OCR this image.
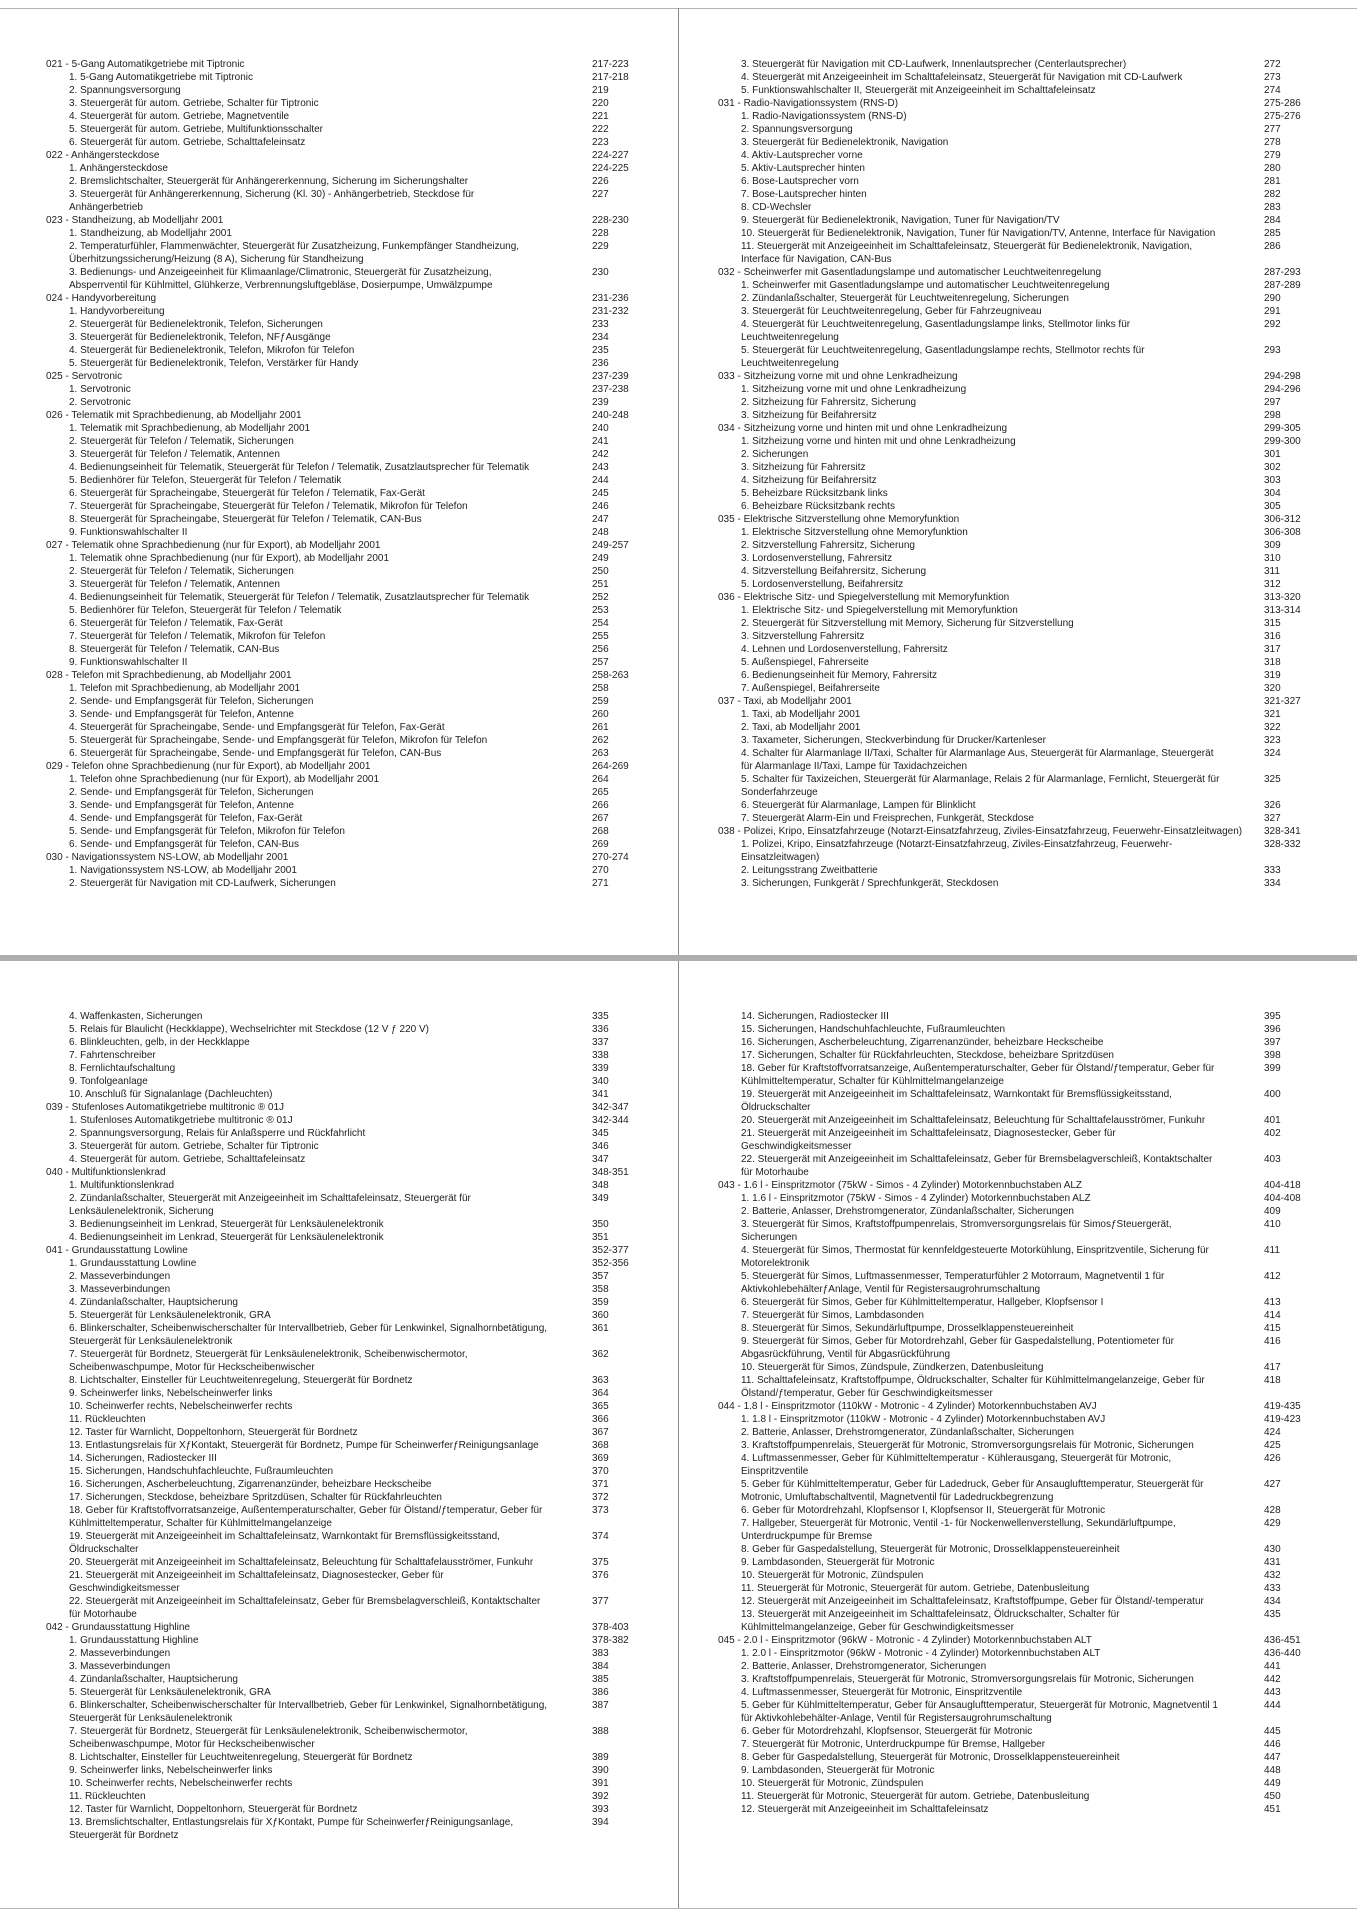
021 - 5-Gang Automatikgetriebe mit Tiptronic	217-223
1. 5-Gang Automatikgetriebe mit Tiptronic	217-218
2. Spannungsversorgung	219
3. Steuergerät für autom. Getriebe, Schalter für Tiptronic	220
4. Steuergerät für autom. Getriebe, Magnetventile	221
5. Steuergerät für autom. Getriebe, Multifunktionsschalter	222
6. Steuergerät für autom. Getriebe, Schalttafeleinsatz	223
022 - Anhängersteckdose	224-227
1. Anhängersteckdose	224-225
2. Bremslichtschalter, Steuergerät für Anhängererkennung, Sicherung im Sicherungshalter	226
3. Steuergerät für Anhängererkennung, Sicherung (Kl. 30) - Anhängerbetrieb, Steckdose für Anhängerbetrieb
227
023 - Standheizung, ab Modelljahr 2001	228-230
1. Standheizung, ab Modelljahr 2001	228
2. Temperaturfühler, Flammenwächter, Steuergerät für Zusatzheizung, Funkempfänger Standheizung, Überhitzungssicherung/Heizung (8 A), Sicherung für Standheizung
229
3. Bedienungs- und Anzeigeeinheit für Klimaanlage/Climatronic, Steuergerät für Zusatzheizung, Absperrventil für Kühlmittel, Glühkerze, Verbrennungsluftgebläse, Dosierpumpe, Umwälzpumpe
230
024 - Handyvorbereitung	231-236
1. Handyvorbereitung	231-232
2. Steuergerät für Bedienelektronik, Telefon, Sicherungen	233
3. Steuergerät für Bedienelektronik, Telefon, NFƒAusgänge	234
4. Steuergerät für Bedienelektronik, Telefon, Mikrofon für Telefon	235
5. Steuergerät für Bedienelektronik, Telefon, Verstärker für Handy	236
025 - Servotronic	237-239
1. Servotronic	237-238
2. Servotronic	239
026 - Telematik mit Sprachbedienung, ab Modelljahr 2001	240-248
1. Telematik mit Sprachbedienung, ab Modelljahr 2001	240
2. Steuergerät für Telefon / Telematik, Sicherungen	241
3. Steuergerät für Telefon / Telematik, Antennen	242
4. Bedienungseinheit für Telematik, Steuergerät für Telefon / Telematik, Zusatzlautsprecher für Telematik	243
5. Bedienhörer für Telefon, Steuergerät für Telefon / Telematik	244
6. Steuergerät für Spracheingabe, Steuergerät für Telefon / Telematik, Fax-Gerät	245
7. Steuergerät für Spracheingabe, Steuergerät für Telefon / Telematik, Mikrofon für Telefon	246
8. Steuergerät für Spracheingabe, Steuergerät für Telefon / Telematik, CAN-Bus	247
9. Funktionswahlschalter II	248
027 - Telematik ohne Sprachbedienung (nur für Export), ab Modelljahr 2001	249-257
1. Telematik ohne Sprachbedienung (nur für Export), ab Modelljahr 2001	249
2. Steuergerät für Telefon / Telematik, Sicherungen	250
3. Steuergerät für Telefon / Telematik, Antennen	251
4. Bedienungseinheit für Telematik, Steuergerät für Telefon / Telematik, Zusatzlautsprecher für Telematik	252
5. Bedienhörer für Telefon, Steuergerät für Telefon / Telematik	253
6. Steuergerät für Telefon / Telematik, Fax-Gerät	254
7. Steuergerät für Telefon / Telematik, Mikrofon für Telefon	255
8. Steuergerät für Telefon / Telematik, CAN-Bus	256
9. Funktionswahlschalter II	257
028 - Telefon mit Sprachbedienung, ab Modelljahr 2001	258-263
1. Telefon mit Sprachbedienung, ab Modelljahr 2001	258
2. Sende- und Empfangsgerät für Telefon, Sicherungen	259
3. Sende- und Empfangsgerät für Telefon, Antenne	260
4. Steuergerät für Spracheingabe, Sende- und Empfangsgerät für Telefon, Fax-Gerät	261
5. Steuergerät für Spracheingabe, Sende- und Empfangsgerät für Telefon, Mikrofon für Telefon	262
6. Steuergerät für Spracheingabe, Sende- und Empfangsgerät für Telefon, CAN-Bus	263
029 - Telefon ohne Sprachbedienung (nur für Export), ab Modelljahr 2001	264-269
1. Telefon ohne Sprachbedienung (nur für Export), ab Modelljahr 2001	264
2. Sende- und Empfangsgerät für Telefon, Sicherungen	265
3. Sende- und Empfangsgerät für Telefon, Antenne	266
4. Sende- und Empfangsgerät für Telefon, Fax-Gerät	267
5. Sende- und Empfangsgerät für Telefon, Mikrofon für Telefon	268
6. Sende- und Empfangsgerät für Telefon, CAN-Bus	269
030 - Navigationssystem NS-LOW, ab Modelljahr 2001	270-274
1. Navigationssystem NS-LOW, ab Modelljahr 2001	270
2. Steuergerät für Navigation mit CD-Laufwerk, Sicherungen	271
3. Steuergerät für Navigation mit CD-Laufwerk, Innenlautsprecher (Centerlautsprecher)	272
4. Steuergerät mit Anzeigeeinheit im Schalttafeleinsatz, Steuergerät für Navigation mit CD-Laufwerk	273
5. Funktionswahlschalter II, Steuergerät mit Anzeigeeinheit im Schalttafeleinsatz	274
031 - Radio-Navigationssystem (RNS-D)	275-286
1. Radio-Navigationssystem (RNS-D)	275-276
2. Spannungsversorgung	277
3. Steuergerät für Bedienelektronik, Navigation	278
4. Aktiv-Lautsprecher vorne	279
5. Aktiv-Lautsprecher hinten	280
6. Bose-Lautsprecher vorn	281
7. Bose-Lautsprecher hinten	282
8. CD-Wechsler	283
9. Steuergerät für Bedienelektronik, Navigation, Tuner für Navigation/TV	284
10. Steuergerät für Bedienelektronik, Navigation, Tuner für Navigation/TV, Antenne, Interface für Navigation	285
11. Steuergerät mit Anzeigeeinheit im Schalttafeleinsatz, Steuergerät für Bedienelektronik, Navigation, Interface für Navigation, CAN-Bus
286
032 - Scheinwerfer mit Gasentladungslampe und automatischer Leuchtweitenregelung	287-293
1. Scheinwerfer mit Gasentladungslampe und automatischer Leuchtweitenregelung	287-289
2. Zündanlaßschalter, Steuergerät für Leuchtweitenregelung, Sicherungen	290
3. Steuergerät für Leuchtweitenregelung, Geber für Fahrzeugniveau	291
4. Steuergerät für Leuchtweitenregelung, Gasentladungslampe links, Stellmotor links für Leuchtweitenregelung
292
5. Steuergerät für Leuchtweitenregelung, Gasentladungslampe rechts, Stellmotor rechts für Leuchtweitenregelung
293
033 - Sitzheizung vorne mit und ohne Lenkradheizung	294-298
1. Sitzheizung vorne mit und ohne Lenkradheizung	294-296
2. Sitzheizung für Fahrersitz, Sicherung	297
3. Sitzheizung für Beifahrersitz	298
034 - Sitzheizung vorne und hinten mit und ohne Lenkradheizung	299-305
1. Sitzheizung vorne und hinten mit und ohne Lenkradheizung	299-300
2. Sicherungen	301
3. Sitzheizung für Fahrersitz	302
4. Sitzheizung für Beifahrersitz	303
5. Beheizbare Rücksitzbank links	304
6. Beheizbare Rücksitzbank rechts	305
035 - Elektrische Sitzverstellung ohne Memoryfunktion	306-312
1. Elektrische Sitzverstellung ohne Memoryfunktion	306-308
2. Sitzverstellung Fahrersitz, Sicherung	309
3. Lordosenverstellung, Fahrersitz	310
4. Sitzverstellung Beifahrersitz, Sicherung	311
5. Lordosenverstellung, Beifahrersitz	312
036 - Elektrische Sitz- und Spiegelverstellung mit Memoryfunktion	313-320
1. Elektrische Sitz- und Spiegelverstellung mit Memoryfunktion	313-314
2. Steuergerät für Sitzverstellung mit Memory, Sicherung für Sitzverstellung	315
3. Sitzverstellung Fahrersitz	316
4. Lehnen und Lordosenverstellung, Fahrersitz	317
5. Außenspiegel, Fahrerseite	318
6. Bedienungseinheit für Memory, Fahrersitz	319
7. Außenspiegel, Beifahrerseite	320
037 - Taxi, ab Modelljahr 2001	321-327
1. Taxi, ab Modelljahr 2001	321
2. Taxi, ab Modelljahr 2001	322
3. Taxameter, Sicherungen, Steckverbindung für Drucker/Kartenleser	323
4. Schalter für Alarmanlage II/Taxi, Schalter für Alarmanlage Aus, Steuergerät für Alarmanlage, Steuergerät für Alarmanlage II/Taxi, Lampe für Taxidachzeichen
324
5. Schalter für Taxizeichen, Steuergerät für Alarmanlage, Relais 2 für Alarmanlage, Fernlicht, Steuergerät für Sonderfahrzeuge
325
6. Steuergerät für Alarmanlage, Lampen für Blinklicht	326
7. Steuergerät Alarm-Ein und Freisprechen, Funkgerät, Steckdose	327
038 - Polizei, Kripo, Einsatzfahrzeuge (Notarzt-Einsatzfahrzeug, Ziviles-Einsatzfahrzeug, Feuerwehr-Einsatzleitwagen)	328-341
1. Polizei, Kripo, Einsatzfahrzeuge (Notarzt-Einsatzfahrzeug, Ziviles-Einsatzfahrzeug, Feuerwehr-Einsatzleitwagen)
328-332
2. Leitungsstrang Zweitbatterie	333
3. Sicherungen, Funkgerät / Sprechfunkgerät, Steckdosen	334
4. Waffenkasten, Sicherungen	335
5. Relais für Blaulicht (Heckklappe), Wechselrichter mit Steckdose (12 V ƒ 220 V)	336
6. Blinkleuchten, gelb, in der Heckklappe	337
7. Fahrtenschreiber	338
8. Fernlichtaufschaltung	339
9. Tonfolgeanlage	340
10. Anschluß für Signalanlage (Dachleuchten)	341
039 - Stufenloses Automatikgetriebe multitronic ® 01J	342-347
1. Stufenloses Automatikgetriebe multitronic ® 01J	342-344
2. Spannungsversorgung, Relais für Anlaßsperre und Rückfahrlicht	345
3. Steuergerät für autom. Getriebe, Schalter für Tiptronic	346
4. Steuergerät für autom. Getriebe, Schalttafeleinsatz	347
040 - Multifunktionslenkrad	348-351
1. Multifunktionslenkrad	348
2. Zündanlaßschalter, Steuergerät mit Anzeigeeinheit im Schalttafeleinsatz, Steuergerät für Lenksäulenelektronik, Sicherung
349
3. Bedienungseinheit im Lenkrad, Steuergerät für Lenksäulenelektronik	350
4. Bedienungseinheit im Lenkrad, Steuergerät für Lenksäulenelektronik	351
041 - Grundausstattung Lowline	352-377
1. Grundausstattung Lowline	352-356
2. Masseverbindungen	357
3. Masseverbindungen	358
4. Zündanlaßschalter, Hauptsicherung	359
5. Steuergerät für Lenksäulenelektronik, GRA	360
6. Blinkerschalter, Scheibenwischerschalter für Intervallbetrieb, Geber für Lenkwinkel, Signalhornbetätigung, Steuergerät für Lenksäulenelektronik
361
7. Steuergerät für Bordnetz, Steuergerät für Lenksäulenelektronik, Scheibenwischermotor, Scheibenwaschpumpe, Motor für Heckscheibenwischer
362
8. Lichtschalter, Einsteller für Leuchtweitenregelung, Steuergerät für Bordnetz	363
9. Scheinwerfer links, Nebelscheinwerfer links	364
10. Scheinwerfer rechts, Nebelscheinwerfer rechts	365
11. Rückleuchten	366
12. Taster für Warnlicht, Doppeltonhorn, Steuergerät für Bordnetz	367
13. Entlastungsrelais für XƒKontakt, Steuergerät für Bordnetz, Pumpe für ScheinwerferƒReinigungsanlage	368
14. Sicherungen, Radiostecker III	369
15. Sicherungen, Handschuhfachleuchte, Fußraumleuchten	370
16. Sicherungen, Ascherbeleuchtung, Zigarrenanzünder, beheizbare Heckscheibe	371
17. Sicherungen, Steckdose, beheizbare Spritzdüsen, Schalter für Rückfahrleuchten	372
18. Geber für Kraftstoffvorratsanzeige, Außentemperaturschalter, Geber für Ölstand/ƒtemperatur, Geber für Kühlmitteltemperatur, Schalter für Kühlmittelmangelanzeige
373
19. Steuergerät mit Anzeigeeinheit im Schalttafeleinsatz, Warnkontakt für Bremsflüssigkeitsstand, Öldruckschalter
374
20. Steuergerät mit Anzeigeeinheit im Schalttafeleinsatz, Beleuchtung für Schalttafelausströmer, Funkuhr	375
21. Steuergerät mit Anzeigeeinheit im Schalttafeleinsatz, Diagnosestecker, Geber für Geschwindigkeitsmesser
376
22. Steuergerät mit Anzeigeeinheit im Schalttafeleinsatz, Geber für Bremsbelagverschleiß, Kontaktschalter für Motorhaube
377
042 - Grundausstattung Highline	378-403
1. Grundausstattung Highline	378-382
2. Masseverbindungen	383
3. Masseverbindungen	384
4. Zündanlaßschalter, Hauptsicherung	385
5. Steuergerät für Lenksäulenelektronik, GRA	386
6. Blinkerschalter, Scheibenwischerschalter für Intervallbetrieb, Geber für Lenkwinkel, Signalhornbetätigung, Steuergerät für Lenksäulenelektronik
387
7. Steuergerät für Bordnetz, Steuergerät für Lenksäulenelektronik, Scheibenwischermotor, Scheibenwaschpumpe, Motor für Heckscheibenwischer
388
8. Lichtschalter, Einsteller für Leuchtweitenregelung, Steuergerät für Bordnetz	389
9. Scheinwerfer links, Nebelscheinwerfer links	390
10. Scheinwerfer rechts, Nebelscheinwerfer rechts	391
11. Rückleuchten	392
12. Taster für Warnlicht, Doppeltonhorn, Steuergerät für Bordnetz	393
13. Bremslichtschalter, Entlastungsrelais für XƒKontakt, Pumpe für ScheinwerferƒReinigungsanlage, Steuergerät für Bordnetz
394
14. Sicherungen, Radiostecker III	395
15. Sicherungen, Handschuhfachleuchte, Fußraumleuchten	396
16. Sicherungen, Ascherbeleuchtung, Zigarrenanzünder, beheizbare Heckscheibe	397
17. Sicherungen, Schalter für Rückfahrleuchten, Steckdose, beheizbare Spritzdüsen	398
18. Geber für Kraftstoffvorratsanzeige, Außentemperaturschalter, Geber für Ölstand/ƒtemperatur, Geber für Kühlmitteltemperatur, Schalter für Kühlmittelmangelanzeige
399
19. Steuergerät mit Anzeigeeinheit im Schalttafeleinsatz, Warnkontakt für Bremsflüssigkeitsstand, Öldruckschalter
400
20. Steuergerät mit Anzeigeeinheit im Schalttafeleinsatz, Beleuchtung für Schalttafelausströmer, Funkuhr	401
21. Steuergerät mit Anzeigeeinheit im Schalttafeleinsatz, Diagnosestecker, Geber für Geschwindigkeitsmesser
402
22. Steuergerät mit Anzeigeeinheit im Schalttafeleinsatz, Geber für Bremsbelagverschleiß, Kontaktschalter für Motorhaube
403
043 - 1.6 l - Einspritzmotor (75kW - Simos - 4 Zylinder) Motorkennbuchstaben ALZ	404-418
1. 1.6 l - Einspritzmotor (75kW - Simos - 4 Zylinder) Motorkennbuchstaben ALZ	404-408
2. Batterie, Anlasser, Drehstromgenerator, Zündanlaßschalter, Sicherungen	409
3. Steuergerät für Simos, Kraftstoffpumpenrelais, Stromversorgungsrelais für SimosƒSteuergerät, Sicherungen
410
4. Steuergerät für Simos, Thermostat für kennfeldgesteuerte Motorkühlung, Einspritzventile, Sicherung für Motorelektronik
411
5. Steuergerät für Simos, Luftmassenmesser, Temperaturfühler 2 Motorraum, Magnetventil 1 für AktivkohlebehälterƒAnlage, Ventil für Registersaugrohrumschaltung
412
6. Steuergerät für Simos, Geber für Kühlmitteltemperatur, Hallgeber, Klopfsensor I	413
7. Steuergerät für Simos, Lambdasonden	414
8. Steuergerät für Simos, Sekundärluftpumpe, Drosselklappensteuereinheit	415
9. Steuergerät für Simos, Geber für Motordrehzahl, Geber für Gaspedalstellung, Potentiometer für Abgasrückführung, Ventil für Abgasrückführung
416
10. Steuergerät für Simos, Zündspule, Zündkerzen, Datenbusleitung	417
11. Schalttafeleinsatz, Kraftstoffpumpe, Öldruckschalter, Schalter für Kühlmittelmangelanzeige, Geber für Ölstand/ƒtemperatur, Geber für Geschwindigkeitsmesser
418
044 - 1.8 l - Einspritzmotor (110kW - Motronic - 4 Zylinder) Motorkennbuchstaben AVJ	419-435
1. 1.8 l - Einspritzmotor (110kW - Motronic - 4 Zylinder) Motorkennbuchstaben AVJ	419-423
2. Batterie, Anlasser, Drehstromgenerator, Zündanlaßschalter, Sicherungen	424
3. Kraftstoffpumpenrelais, Steuergerät für Motronic, Stromversorgungsrelais für Motronic, Sicherungen	425
4. Luftmassenmesser, Geber für Kühlmitteltemperatur - Kühlerausgang, Steuergerät für Motronic, Einspritzventile
426
5. Geber für Kühlmitteltemperatur, Geber für Ladedruck, Geber für Ansauglufttemperatur, Steuergerät für Motronic, Umluftabschaltventil, Magnetventil für Ladedruckbegrenzung
427
6. Geber für Motordrehzahl, Klopfsensor I, Klopfsensor II, Steuergerät für Motronic	428
7. Hallgeber, Steuergerät für Motronic, Ventil -1- für Nockenwellenverstellung, Sekundärluftpumpe, Unterdruckpumpe für Bremse
429
8. Geber für Gaspedalstellung, Steuergerät für Motronic, Drosselklappensteuereinheit	430
9. Lambdasonden, Steuergerät für Motronic	431
10. Steuergerät für Motronic, Zündspulen	432
11. Steuergerät für Motronic, Steuergerät für autom. Getriebe, Datenbusleitung	433
12. Steuergerät mit Anzeigeeinheit im Schalttafeleinsatz, Kraftstoffpumpe, Geber für Ölstand/-temperatur	434
13. Steuergerät mit Anzeigeeinheit im Schalttafeleinsatz, Öldruckschalter, Schalter für Kühlmittelmangelanzeige, Geber für Geschwindigkeitsmesser
435
045 - 2.0 l - Einspritzmotor (96kW - Motronic - 4 Zylinder) Motorkennbuchstaben ALT	436-451
1. 2.0 l - Einspritzmotor (96kW - Motronic - 4 Zylinder) Motorkennbuchstaben ALT	436-440
2. Batterie, Anlasser, Drehstromgenerator, Sicherungen	441
3. Kraftstoffpumpenrelais, Steuergerät für Motronic, Stromversorgungsrelais für Motronic, Sicherungen	442
4. Luftmassenmesser, Steuergerät für Motronic, Einspritzventile	443
5. Geber für Kühlmitteltemperatur, Geber für Ansauglufttemperatur, Steuergerät für Motronic, Magnetventil 1 für Aktivkohlebehälter-Anlage, Ventil für Registersaugrohrumschaltung
444
6. Geber für Motordrehzahl, Klopfsensor, Steuergerät für Motronic	445
7. Steuergerät für Motronic, Unterdruckpumpe für Bremse, Hallgeber	446
8. Geber für Gaspedalstellung, Steuergerät für Motronic, Drosselklappensteuereinheit	447
9. Lambdasonden, Steuergerät für Motronic	448
10. Steuergerät für Motronic, Zündspulen	449
11. Steuergerät für Motronic, Steuergerät für autom. Getriebe, Datenbusleitung	450
12. Steuergerät mit Anzeigeeinheit im Schalttafeleinsatz	451
